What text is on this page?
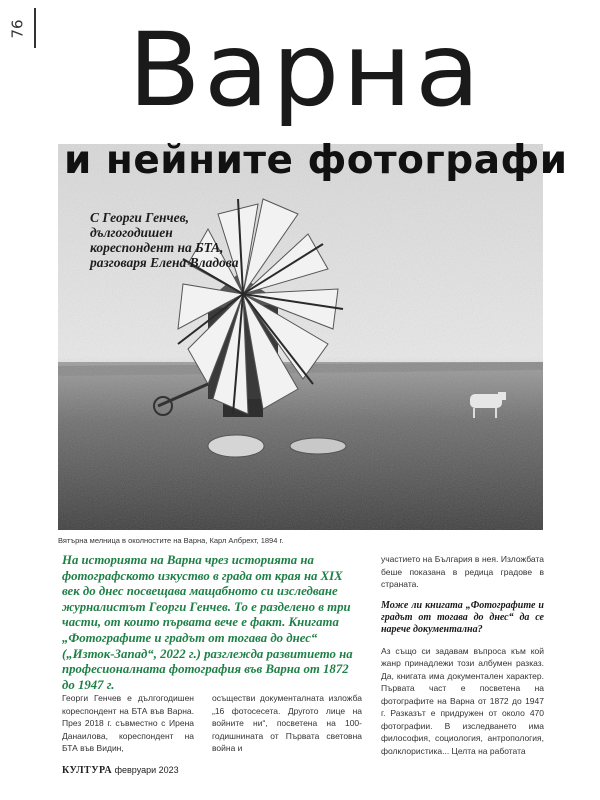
76 Варна
и нейните фотографи
С Георги Генчев, дългогодишен кореспондент на БТА, разговаря Елена Владова
Вятърна мелница в околностите на Варна, Карл Албрехт, 1894 г.
На историята на Варна чрез историята на фотографското изкуство в града от края на XIX век до днес посвещава мащабното си изследване журналистът Георги Генчев. То е разделено в три части, от които първата вече е факт. Книгата „Фотографите и градът от тогава до днес“ („Изток-Запад“, 2022 г.) разглежда развитието на професионалната фотография във Варна от 1872 до 1947 г.
Георги Генчев е дългогодишен кореспондент на БТА във Варна. През 2018 г. съвместно с Ирена Данаилова, кореспондент на БТА във Видин,
осъществи документалната изложба „16 фотосесета. Другото лице на войните ни“, посветена на 100-годишнината от Първата световна война и

участието на България в нея. Изложбата беше показана в редица градове в страната.

Може ли книгата „Фотографите и градът от тогава до днес“ да се нарече документална?

Аз също си задавам въпроса към кой жанр принадлежи този албумен разказ. Да, книгата има документален характер. Първата част е посветена на фотографите на Варна от 1872 до 1947 г. Разказът е придружен от около 470 фотографии. В изследването има философия, социология, антропология, фолклористика... Целта на работата

КУЛТУРА февруари 2023
